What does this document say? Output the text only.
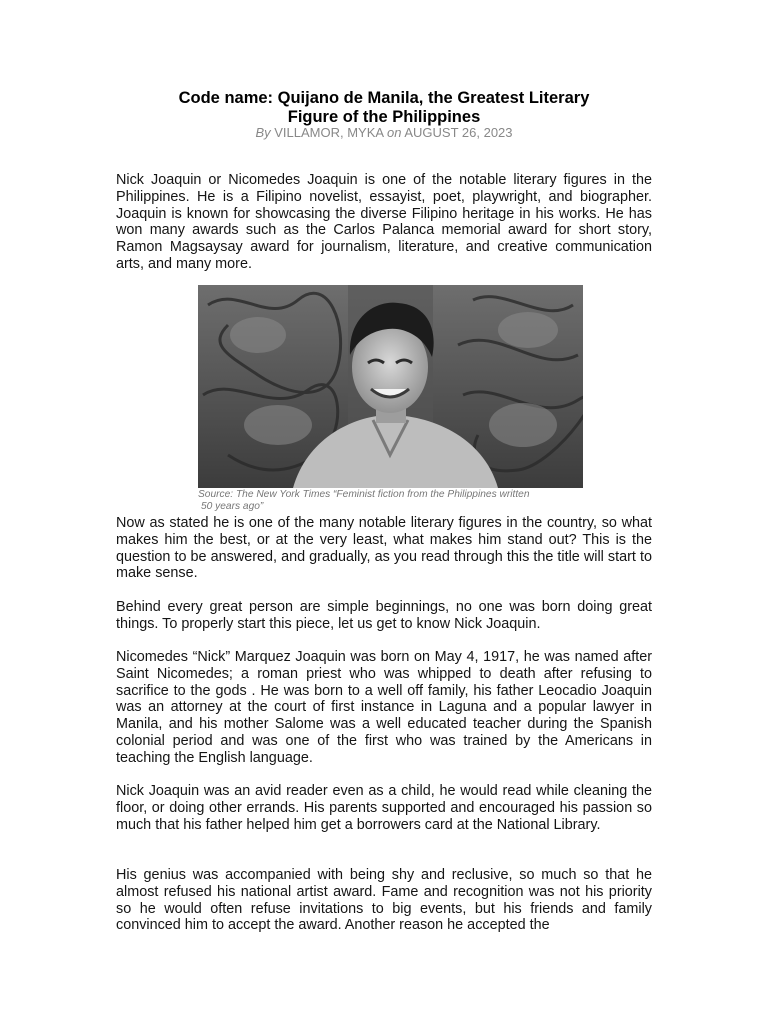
Code name: Quijano de Manila, the Greatest Literary
Figure of the Philippines
By VILLAMOR, MYKA on AUGUST 26, 2023

Nick Joaquin or Nicomedes Joaquin is one of the notable literary figures in the Philippines. He is a Filipino novelist, essayist, poet, playwright, and biographer. Joaquin is known for showcasing the diverse Filipino heritage in his works. He has won many awards such as the Carlos Palanca memorial award for short story, Ramon Magsaysay award for journalism, literature, and creative communication arts, and many more.

Source: The New York Times “Feminist fiction from the Philippines written
50 years ago”

Now as stated he is one of the many notable literary figures in the country, so what makes him the best, or at the very least, what makes him stand out? This is the question to be answered, and gradually, as you read through this the title will start to make sense.

Behind every great person are simple beginnings, no one was born doing great things. To properly start this piece, let us get to know Nick Joaquin.

Nicomedes “Nick” Marquez Joaquin was born on May 4, 1917, he was named after Saint Nicomedes; a roman priest who was whipped to death after refusing to sacrifice to the gods . He was born to a well off family, his father Leocadio Joaquin was an attorney at the court of first instance in Laguna and a popular lawyer in Manila, and his mother Salome was a well educated teacher during the Spanish colonial period and was one of the first who was trained by the Americans in teaching the English language.

Nick Joaquin was an avid reader even as a child, he would read while cleaning the floor, or doing other errands. His parents supported and encouraged his passion so much that his father helped him get a borrowers card at the National Library.

His genius was accompanied with being shy and reclusive, so much so that he almost refused his national artist award. Fame and recognition was not his priority so he would often refuse invitations to big events, but his friends and family convinced him to accept the award. Another reason he accepted the
